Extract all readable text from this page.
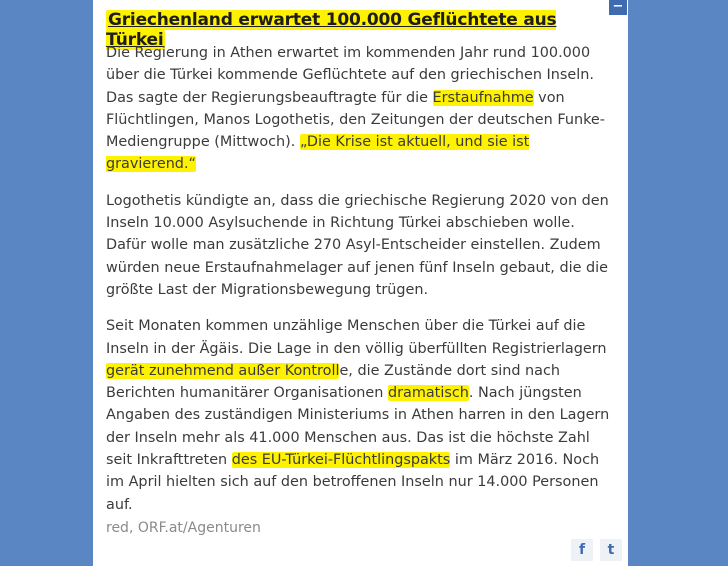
−
Griechenland erwartet 100.000 Geflüchtete aus Türkei

Die Regierung in Athen erwartet im kommenden Jahr rund 100.000 über die Türkei kommende Geflüchtete auf den griechischen Inseln. Das sagte der Regierungsbeauftragte für die Erstaufnahme von Flüchtlingen, Manos Logothetis, den Zeitungen der deutschen Funke-Mediengruppe (Mittwoch). „Die Krise ist aktuell, und sie ist gravierend.“

Logothetis kündigte an, dass die griechische Regierung 2020 von den Inseln 10.000 Asylsuchende in Richtung Türkei abschieben wolle. Dafür wolle man zusätzliche 270 Asyl-Entscheider einstellen. Zudem würden neue Erstaufnahmelager auf jenen fünf Inseln gebaut, die die größte Last der Migrationsbewegung trügen.

Seit Monaten kommen unzählige Menschen über die Türkei auf die Inseln in der Ägäis. Die Lage in den völlig überfüllten Registrierlagern gerät zunehmend außer Kontrolle, die Zustände dort sind nach Berichten humanitärer Organisationen dramatisch. Nach jüngsten Angaben des zuständigen Ministeriums in Athen harren in den Lagern der Inseln mehr als 41.000 Menschen aus. Das ist die höchste Zahl seit Inkrafttreten des EU-Türkei-Flüchtlingspakts im März 2016. Noch im April hielten sich auf den betroffenen Inseln nur 14.000 Personen auf.

red, ORF.at/Agenturen
f	t
